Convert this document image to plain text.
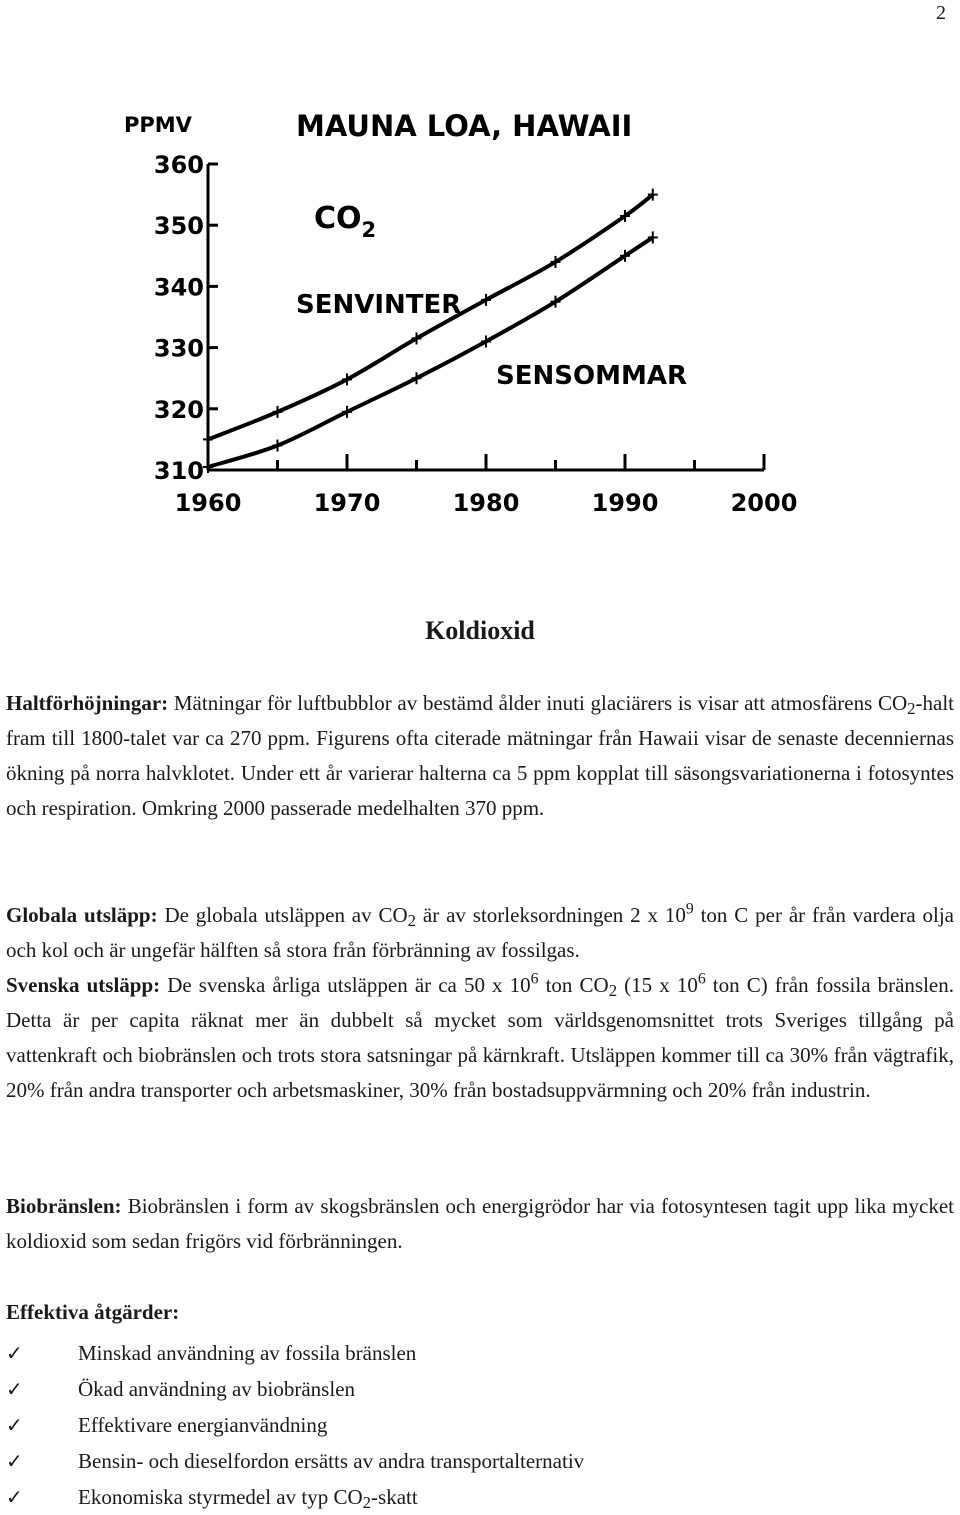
2
MAUNA LOA, HAWAII
PPMV
$CO_2$
310
320
330
340
350
360
1960	1970	1980	1990	2000
SENVINTER
SENSOMMAR
Koldioxid

Haltförhöjningar: Mätningar för luftbubblor av bestämd ålder inuti glaciärers is visar att atmosfärens $CO_2$-halt fram till 1800-talet var ca 270 ppm. Figurens ofta citerade mätningar från Hawaii visar de senaste decenniernas ökning på norra halvklotet. Under ett år varierar halterna ca 5 ppm kopplat till säsongsvariationerna i fotosyntes och respiration. Omkring 2000 passerade medelhalten 370 ppm.

Globala utsläpp: De globala utsläppen av $CO_2$ är av storleksordningen 2 x $10^9$ ton C per år från vardera olja och kol och är ungefär hälften så stora från förbränning av fossilgas.
Svenska utsläpp: De svenska årliga utsläppen är ca 50 x $10^6$ ton $CO_2$ (15 x $10^6$ ton C) från fossila bränslen. Detta är per capita räknat mer än dubbelt så mycket som världsgenomsnittet trots Sveriges tillgång på vattenkraft och biobränslen och trots stora satsningar på kärnkraft. Utsläppen kommer till ca 30% från vägtrafik, 20% från andra transporter och arbetsmaskiner, 30% från bostadsuppvärmning och 20% från industrin.

Biobränslen: Biobränslen i form av skogsbränslen och energigrödor har via fotosyntesen tagit upp lika mycket koldioxid som sedan frigörs vid förbränningen.

Effektiva åtgärder:

✓	Minskad användning av fossila bränslen
✓	Ökad användning av biobränslen
✓	Effektivare energianvändning
✓	Bensin- och dieselfordon ersätts av andra transportalternativ
✓	Ekonomiska styrmedel av typ $CO_2$-skatt
